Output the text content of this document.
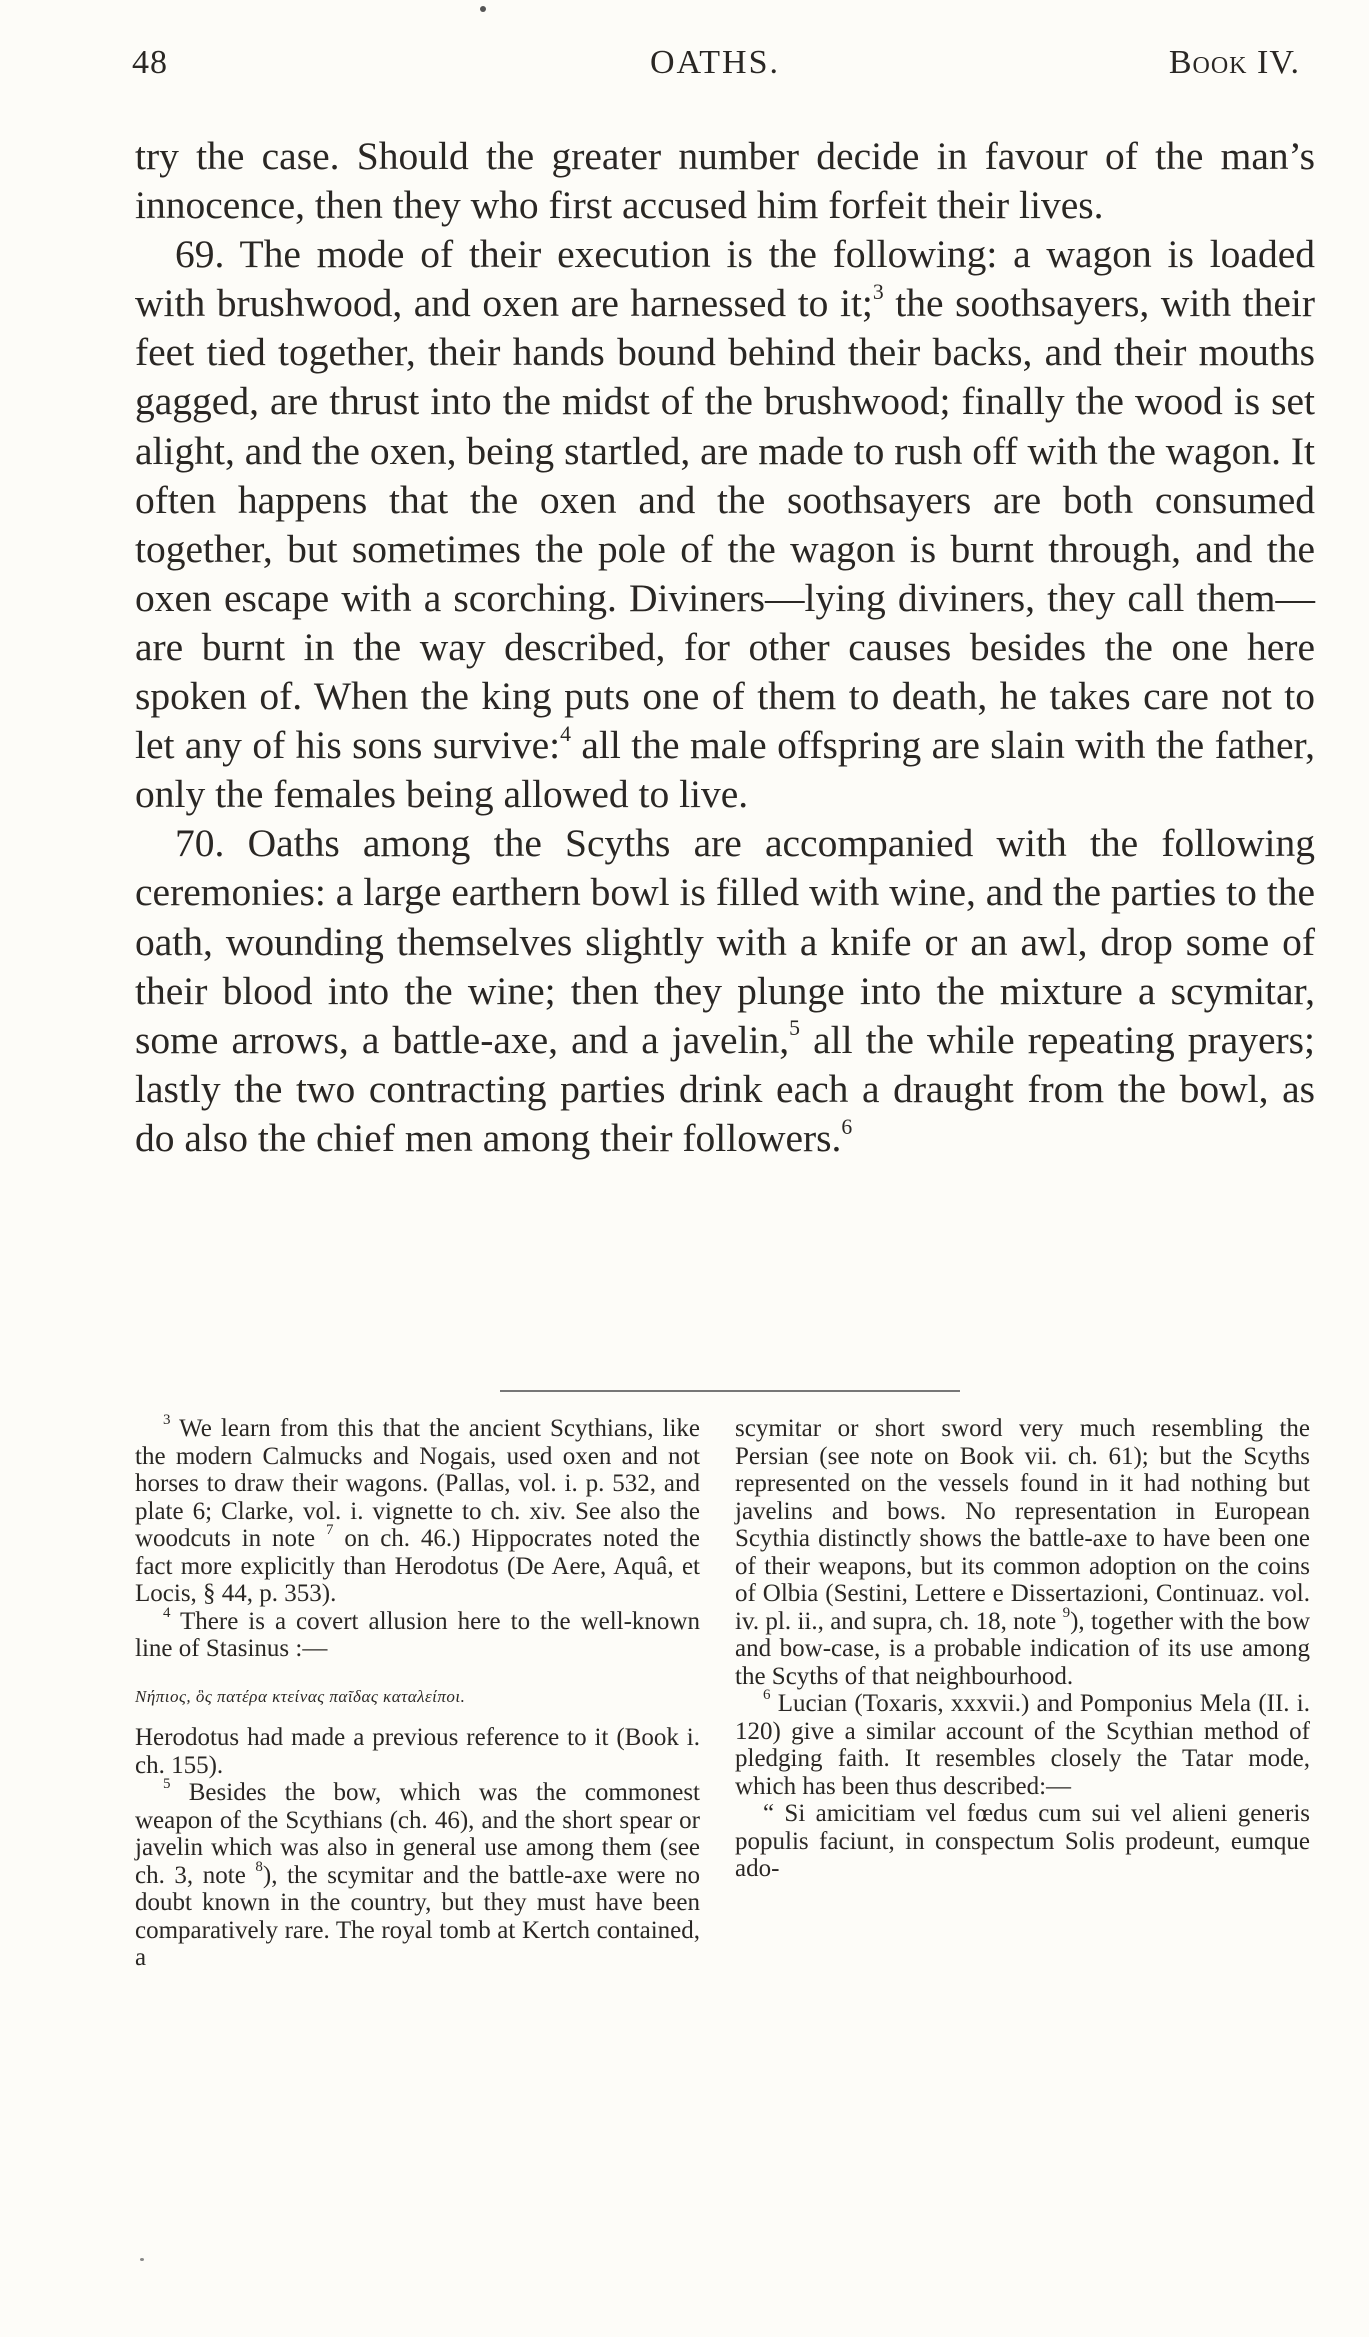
48	OATHS.	Book IV.

try the case. Should the greater number decide in favour of the man’s innocence, then they who first accused him forfeit their lives.

69. The mode of their execution is the following: a wagon is loaded with brushwood, and oxen are harnessed to it;$^3$ the soothsayers, with their feet tied together, their hands bound behind their backs, and their mouths gagged, are thrust into the midst of the brushwood; finally the wood is set alight, and the oxen, being startled, are made to rush off with the wagon. It often happens that the oxen and the soothsayers are both consumed together, but sometimes the pole of the wagon is burnt through, and the oxen escape with a scorching. Diviners—lying diviners, they call them—are burnt in the way described, for other causes besides the one here spoken of. When the king puts one of them to death, he takes care not to let any of his sons survive:$^4$ all the male offspring are slain with the father, only the females being allowed to live.

70. Oaths among the Scyths are accompanied with the following ceremonies: a large earthern bowl is filled with wine, and the parties to the oath, wounding themselves slightly with a knife or an awl, drop some of their blood into the wine; then they plunge into the mixture a scymitar, some arrows, a battle-axe, and a javelin,$^5$ all the while repeating prayers; lastly the two contracting parties drink each a draught from the bowl, as do also the chief men among their followers.$^6$

$^3$ We learn from this that the ancient Scythians, like the modern Calmucks and Nogais, used oxen and not horses to draw their wagons. (Pallas, vol. i. p. 532, and plate 6; Clarke, vol. i. vignette to ch. xiv. See also the woodcuts in note $^7$ on ch. 46.) Hippocrates noted the fact more explicitly than Herodotus (De Aere, Aquâ, et Locis, § 44, p. 353).

$^4$ There is a covert allusion here to the well-known line of Stasinus :—

Νήπιος, ὃς πατέρα κτείνας παῖδας καταλείποι.

Herodotus had made a previous reference to it (Book i. ch. 155).

$^5$ Besides the bow, which was the commonest weapon of the Scythians (ch. 46), and the short spear or javelin which was also in general use among them (see ch. 3, note $^8$), the scymitar and the battle-axe were no doubt known in the country, but they must have been comparatively rare. The royal tomb at Kertch contained, a

scymitar or short sword very much resembling the Persian (see note on Book vii. ch. 61); but the Scyths represented on the vessels found in it had nothing but javelins and bows. No representation in European Scythia distinctly shows the battle-axe to have been one of their weapons, but its common adoption on the coins of Olbia (Sestini, Lettere e Dissertazioni, Continuaz. vol. iv. pl. ii., and supra, ch. 18, note $^9$), together with the bow and bow-case, is a probable indication of its use among the Scyths of that neighbourhood.

$^6$ Lucian (Toxaris, xxxvii.) and Pomponius Mela (II. i. 120) give a similar account of the Scythian method of pledging faith. It resembles closely the Tatar mode, which has been thus described:—

“ Si amicitiam vel fœdus cum sui vel alieni generis populis faciunt, in conspectum Solis prodeunt, eumque ado-
